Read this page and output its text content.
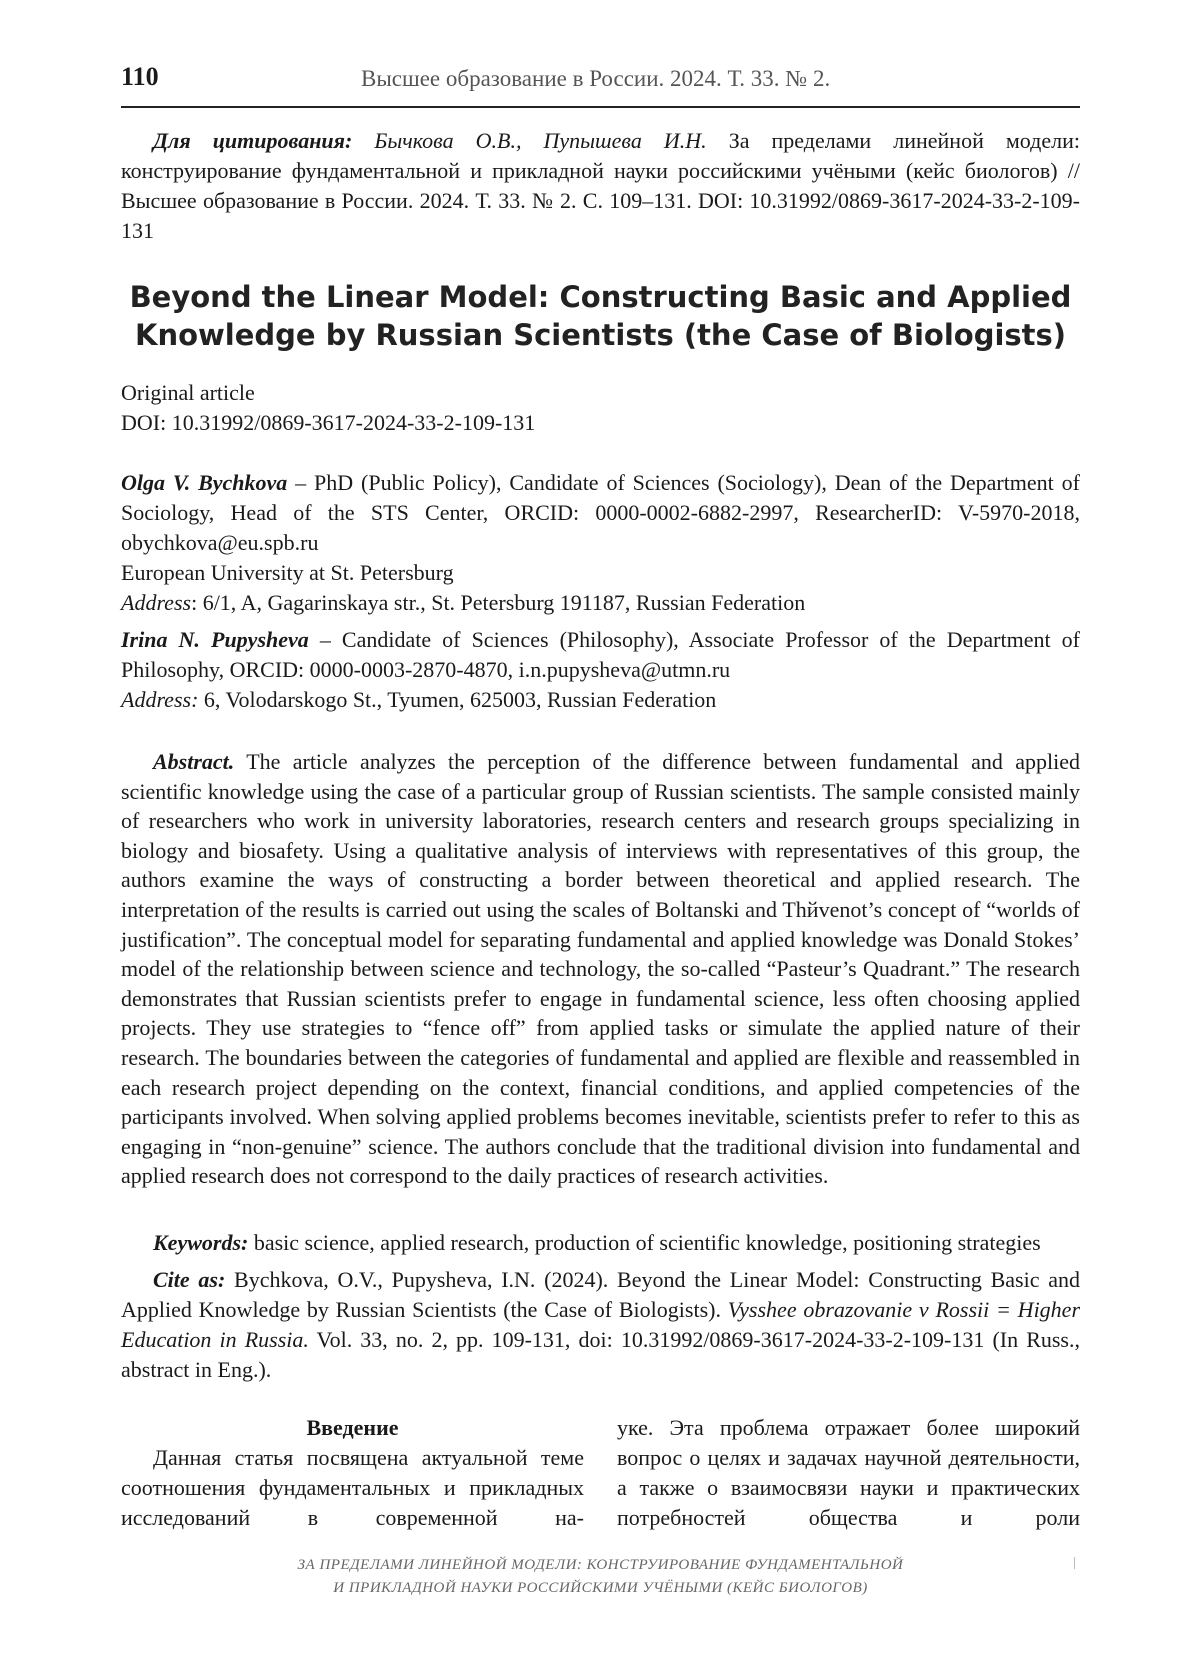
110	Высшее образование в России. 2024. Т. 33. № 2.
Для цитирования: Бычкова О.В., Пупышева И.Н. За пределами линейной модели: конструирование фундаментальной и прикладной науки российскими учёными (кейс биологов) // Высшее образование в России. 2024. Т. 33. № 2. С. 109–131. DOI: 10.31992/0869-3617-2024-33-2-109-131
Beyond the Linear Model: Constructing Basic and Applied
Knowledge by Russian Scientists (the Case of Biologists)
Original article
DOI: 10.31992/0869-3617-2024-33-2-109-131
Olga V. Bychkova – PhD (Public Policy), Candidate of Sciences (Sociology), Dean of the Department of Sociology, Head of the STS Center, ORCID: 0000-0002-6882-2997, ResearcherID: V-5970-2018, obychkova@eu.spb.ru
European University at St. Petersburg
Address: 6/1, A, Gagarinskaya str., St. Petersburg 191187, Russian Federation
Irina N. Pupysheva – Candidate of Sciences (Philosophy), Associate Professor of the Department of Philosophy, ORCID: 0000-0003-2870-4870, i.n.pupysheva@utmn.ru
Address: 6, Volodarskogo St., Tyumen, 625003, Russian Federation

Abstract. The article analyzes the perception of the difference between fundamental and applied scientific knowledge using the case of a particular group of Russian scientists. The sample consisted mainly of researchers who work in university laboratories, research centers and research groups specializing in biology and biosafety. Using a qualitative analysis of interviews with representatives of this group, the authors examine the ways of constructing a border between theoretical and applied research. The interpretation of the results is carried out using the scales of Boltanski and Thйvenot’s concept of “worlds of justification”. The conceptual model for separating fundamental and applied knowledge was Donald Stokes’ model of the relationship between science and technology, the so-called “Pasteur’s Quadrant.” The research demonstrates that Russian scientists prefer to engage in fundamental science, less often choosing applied projects. They use strategies to “fence off” from applied tasks or simulate the applied nature of their research. The boundaries between the categories of fundamental and applied are flexible and reassembled in each research project depending on the context, financial conditions, and applied competencies of the participants involved. When solving applied problems becomes inevitable, scientists prefer to refer to this as engaging in “non-genuine” science. The authors conclude that the traditional division into fundamental and applied research does not correspond to the daily practices of research activities.

Keywords: basic science, applied research, production of scientific knowledge, positioning strategies
Cite as: Bychkova, O.V., Pupysheva, I.N. (2024). Beyond the Linear Model: Constructing Basic and Applied Knowledge by Russian Scientists (the Case of Biologists). Vysshee obrazovanie v Rossii = Higher Education in Russia. Vol. 33, no. 2, pp. 109-131, doi: 10.31992/0869-3617-2024-33-2-109-131 (In Russ., abstract in Eng.).
Введение
Данная статья посвящена актуальной теме соотношения фундаментальных и прикладных исследований в современной на-
уке. Эта проблема отражает более широкий вопрос о целях и задачах научной деятельности, а также о взаимосвязи науки и практических потребностей общества и роли
ЗА ПРЕДЕЛАМИ ЛИНЕЙНОЙ МОДЕЛИ: КОНСТРУИРОВАНИЕ ФУНДАМЕНТАЛЬНОЙ
И ПРИКЛАДНОЙ НАУКИ РОССИЙСКИМИ УЧЁНЫМИ (КЕЙС БИОЛОГОВ)
